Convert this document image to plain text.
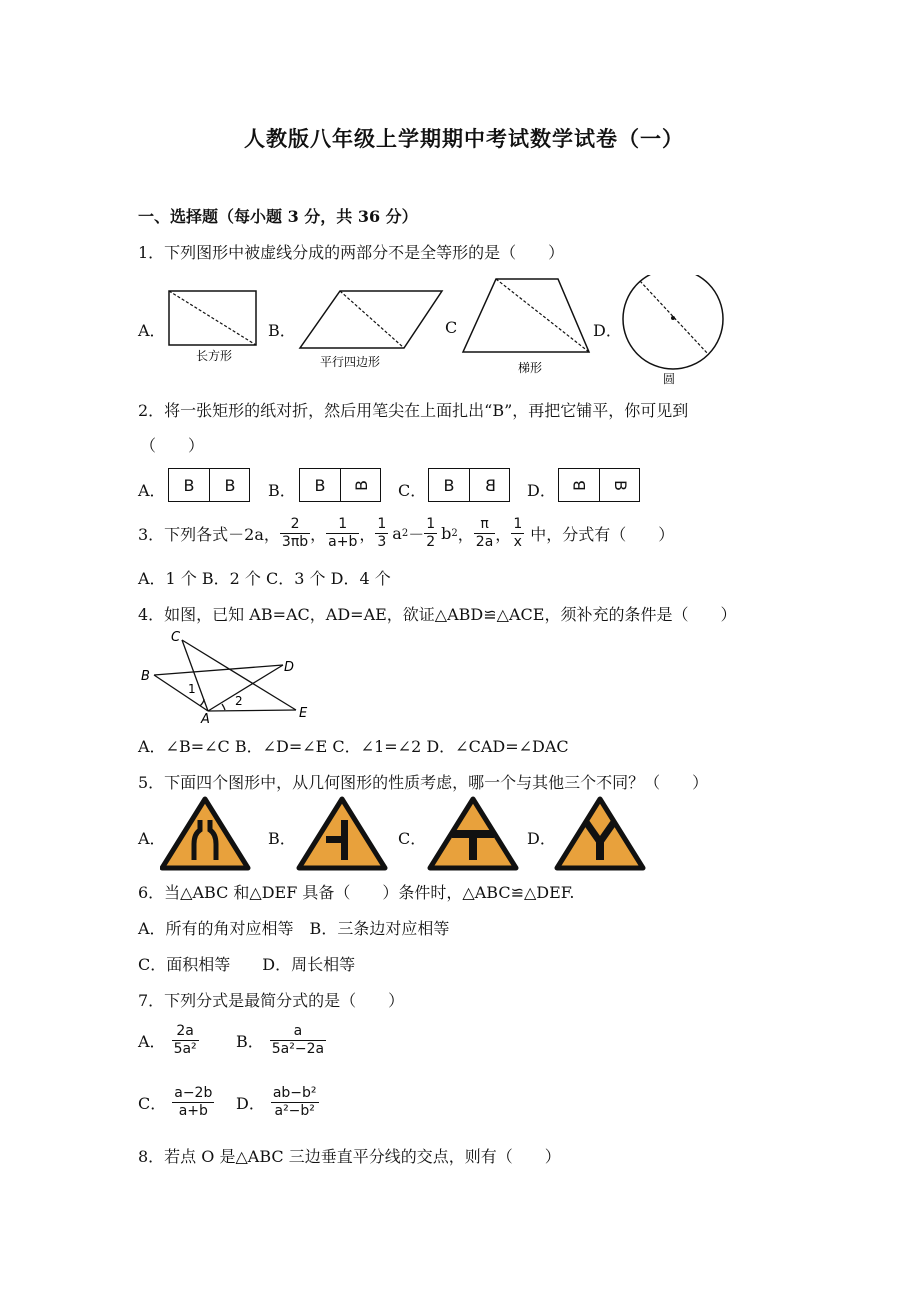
人教版八年级上学期期中考试数学试卷（一）
一、选择题（每小题 3 分，共 36 分）
1．下列图形中被虚线分成的两部分不是全等形的是（　　）
A．	B．	C	D．
长方形	平行四边形	梯形
圆
2．将一张矩形的纸对折，然后用笔尖在上面扎出“B”，再把它铺平，你可见到
（　　）
A．	B	B	B．	B	B C．	B	B D． B B
3．下列各式－2a， $\frac{2}{3\pi b}$ ， $\frac{1}{a+b}$ ， $\frac{1}{3}$ a $2 - \frac{1}{2}$ b 2 ， $\frac{\pi}{2a}$ ， $\frac{1}{x}$ 中，分式有（　　）
A．1 个 B．2 个 C．3 个 D．4 个
4．如图，已知 AB=AC，AD=AE，欲证△ABD≌△ACE，须补充的条件是（　　）
C
B
D
A	E
1
2
A．∠B=∠C B．∠D=∠E C．∠1=∠2 D．∠CAD=∠DAC
5．下面四个图形中，从几何图形的性质考虑，哪一个与其他三个不同？（　　）
A．	B．	C．	D．
6．当△ABC 和△DEF 具备（　　）条件时，△ABC≌△DEF.
A．所有的角对应相等　B．三条边对应相等
C．面积相等　　D．周长相等
7．下列分式是最简分式的是（　　）
A． $\frac{2a}{\text{5a²}}$ B． $\frac{a}{\text{5a²−2a}}$
C． $\frac{a-2b}{a+b}$ D． $\frac{\text{ab−b²}}{\text{a²−b²}}$
8．若点 O 是△ABC 三边垂直平分线的交点，则有（　　）
